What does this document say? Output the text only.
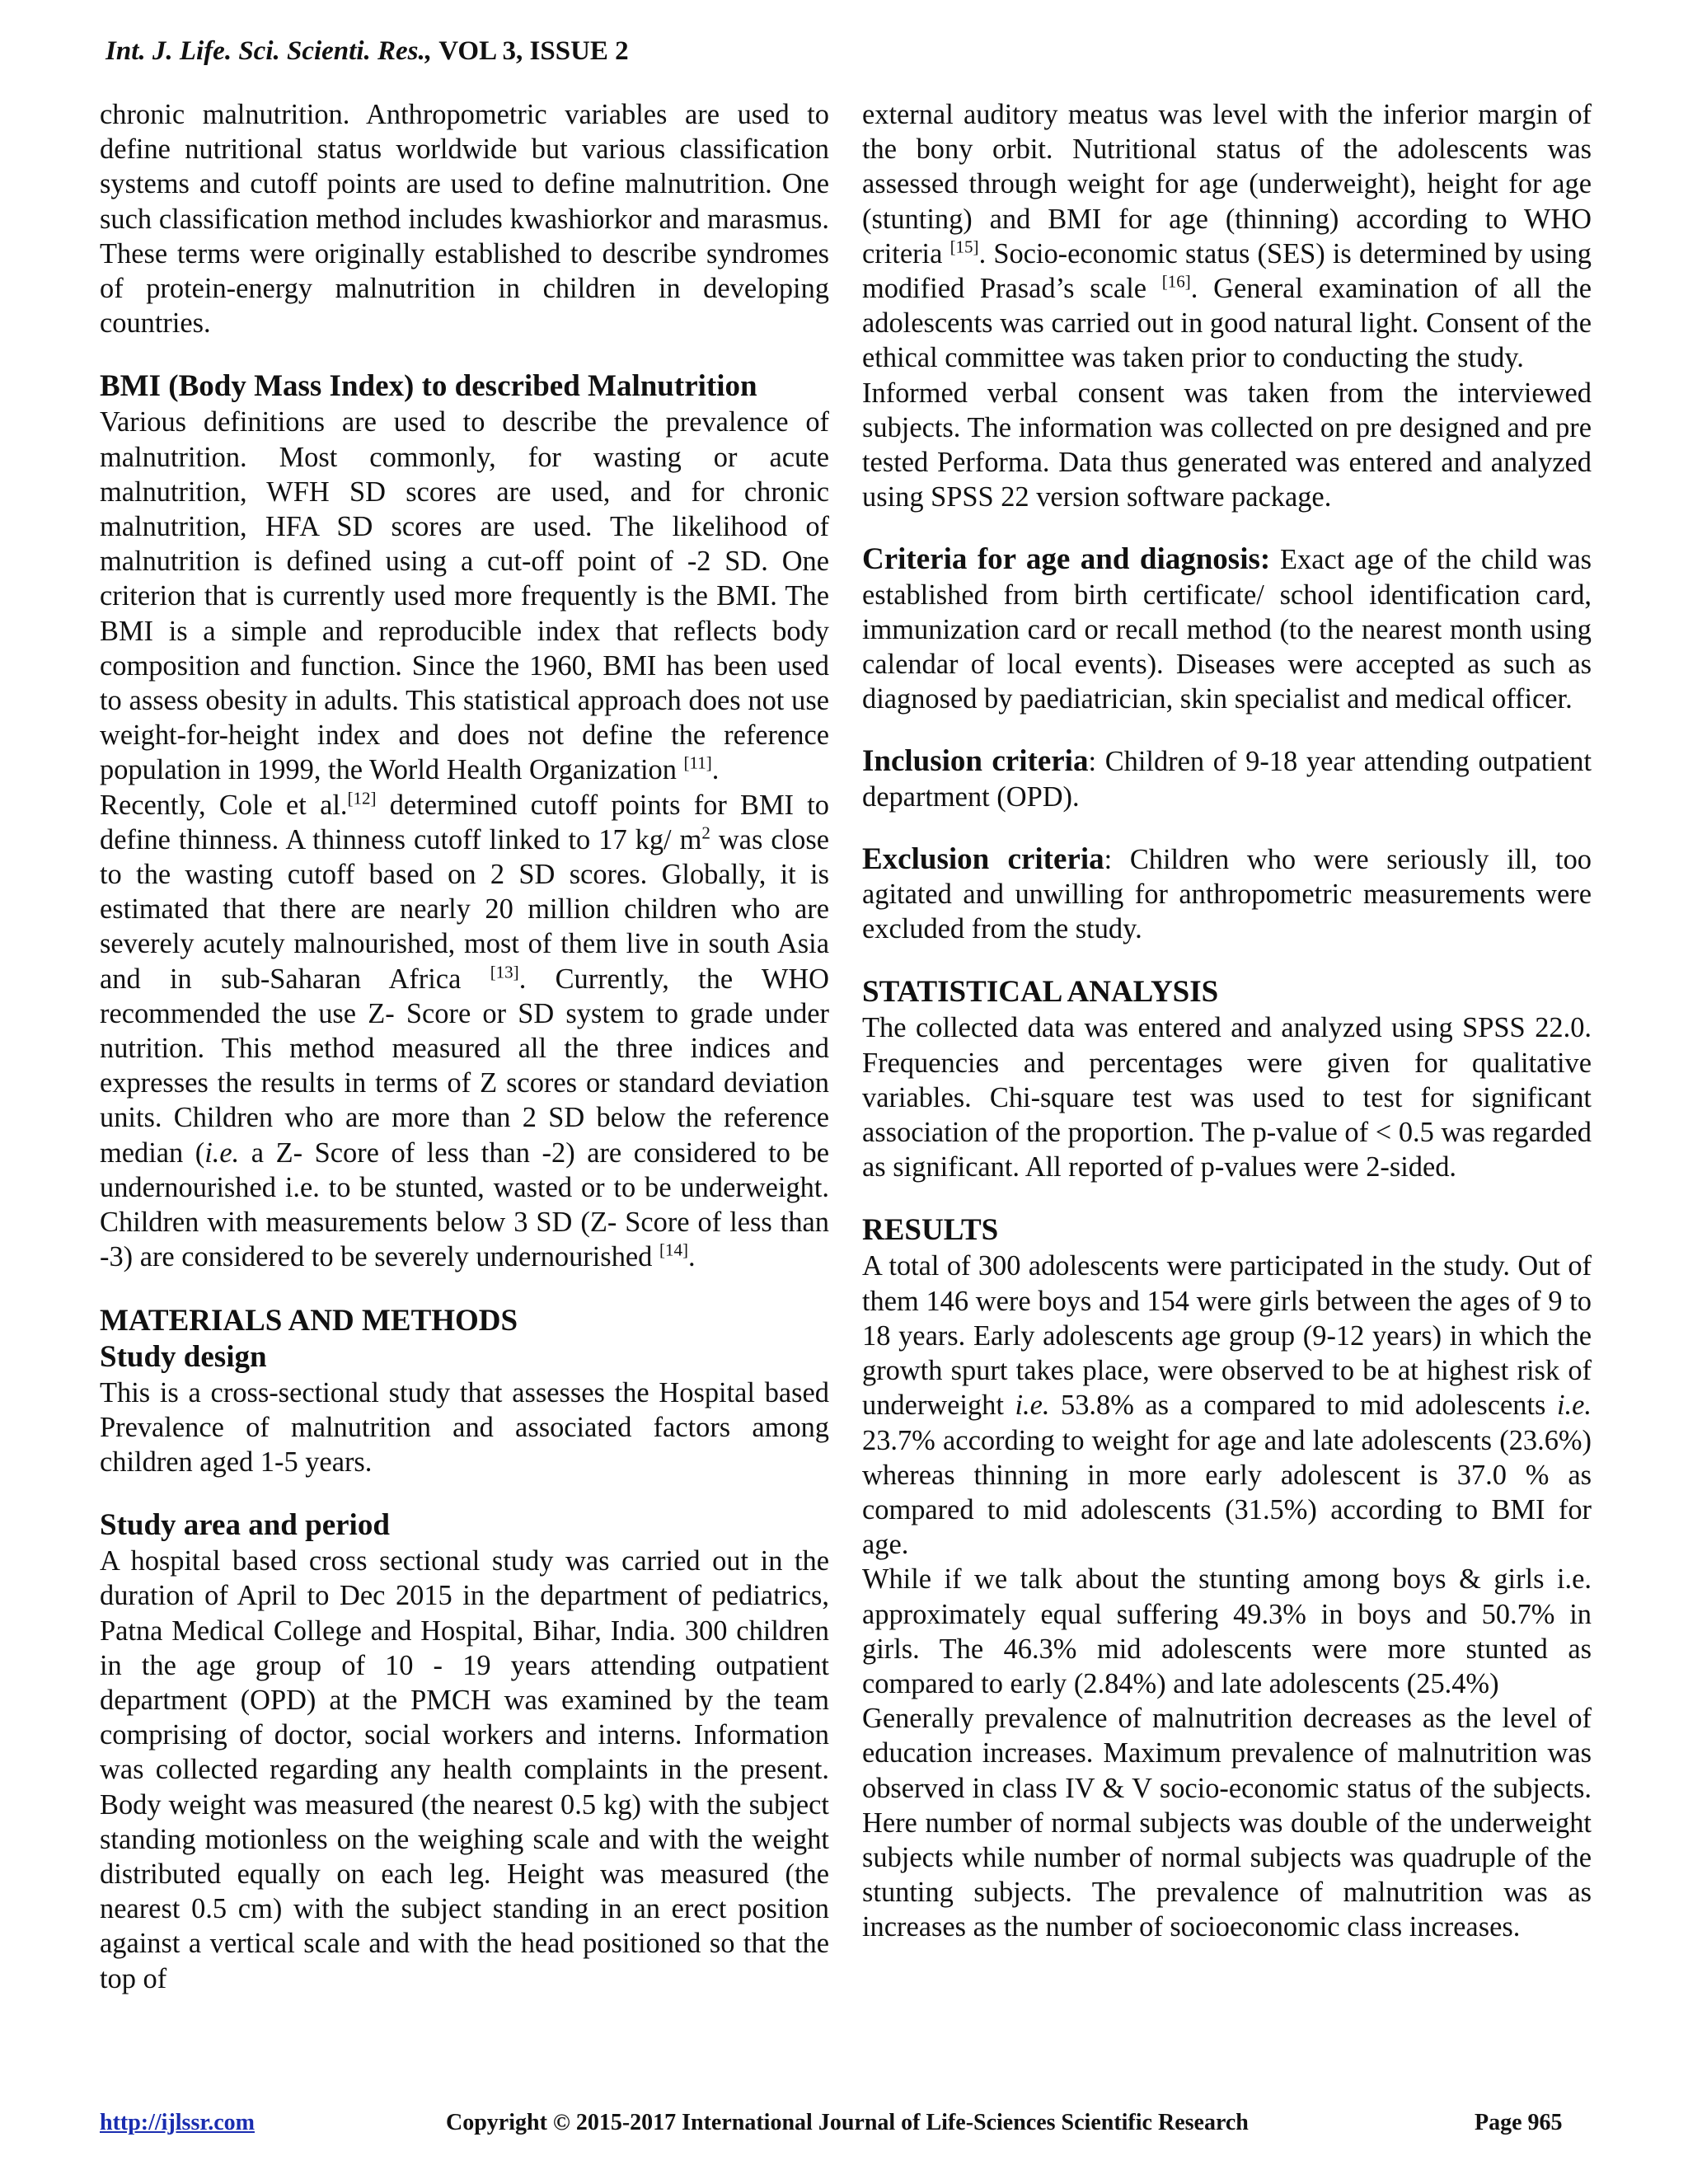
Int. J. Life. Sci. Scienti. Res., VOL 3, ISSUE 2

chronic malnutrition. Anthropometric variables are used to define nutritional status worldwide but various classification systems and cutoff points are used to define malnutrition. One such classification method includes kwashiorkor and marasmus. These terms were originally established to describe syndromes of protein-energy malnutrition in children in developing countries.

BMI (Body Mass Index) to described Malnutrition

Various definitions are used to describe the prevalence of malnutrition. Most commonly, for wasting or acute malnutrition, WFH SD scores are used, and for chronic malnutrition, HFA SD scores are used. The likelihood of malnutrition is defined using a cut-off point of -2 SD. One criterion that is currently used more frequently is the BMI. The BMI is a simple and reproducible index that reflects body composition and function. Since the 1960, BMI has been used to assess obesity in adults. This statistical approach does not use weight-for-height index and does not define the reference population in 1999, the World Health Organization [11].

Recently, Cole et al.[12] determined cutoff points for BMI to define thinness. A thinness cutoff linked to 17 kg/ $m^2$ was close to the wasting cutoff based on 2 SD scores. Globally, it is estimated that there are nearly 20 million children who are severely acutely malnourished, most of them live in south Asia and in sub-Saharan Africa [13]. Currently, the WHO recommended the use Z- Score or SD system to grade under nutrition. This method measured all the three indices and expresses the results in terms of Z scores or standard deviation units. Children who are more than 2 SD below the reference median (i.e. a Z- Score of less than -2) are considered to be undernourished i.e. to be stunted, wasted or to be underweight. Children with measurements below 3 SD (Z- Score of less than -3) are considered to be severely undernourished [14].

MATERIALS AND METHODS
Study design

This is a cross-sectional study that assesses the Hospital based Prevalence of malnutrition and associated factors among children aged 1-5 years.

Study area and period

A hospital based cross sectional study was carried out in the duration of April to Dec 2015 in the department of pediatrics, Patna Medical College and Hospital, Bihar, India. 300 children in the age group of 10 - 19 years attending outpatient department (OPD) at the PMCH was examined by the team comprising of doctor, social workers and interns. Information was collected regarding any health complaints in the present. Body weight was measured (the nearest 0.5 kg) with the subject standing motionless on the weighing scale and with the weight distributed equally on each leg. Height was measured (the nearest 0.5 cm) with the subject standing in an erect position against a vertical scale and with the head positioned so that the top of

external auditory meatus was level with the inferior margin of the bony orbit. Nutritional status of the adolescents was assessed through weight for age (underweight), height for age (stunting) and BMI for age (thinning) according to WHO criteria [15]. Socio-economic status (SES) is determined by using modified Prasad’s scale [16]. General examination of all the adolescents was carried out in good natural light. Consent of the ethical committee was taken prior to conducting the study.

Informed verbal consent was taken from the interviewed subjects. The information was collected on pre designed and pre tested Performa. Data thus generated was entered and analyzed using SPSS 22 version software package.

Criteria for age and diagnosis: Exact age of the child was established from birth certificate/ school identification card, immunization card or recall method (to the nearest month using calendar of local events). Diseases were accepted as such as diagnosed by paediatrician, skin specialist and medical officer.

Inclusion criteria: Children of 9-18 year attending outpatient department (OPD).

Exclusion criteria: Children who were seriously ill, too agitated and unwilling for anthropometric measurements were excluded from the study.

STATISTICAL ANALYSIS

The collected data was entered and analyzed using SPSS 22.0. Frequencies and percentages were given for qualitative variables. Chi-square test was used to test for significant association of the proportion. The p-value of < 0.5 was regarded as significant. All reported of p-values were 2-sided.

RESULTS

A total of 300 adolescents were participated in the study. Out of them 146 were boys and 154 were girls between the ages of 9 to 18 years. Early adolescents age group (9-12 years) in which the growth spurt takes place, were observed to be at highest risk of underweight i.e. 53.8% as a compared to mid adolescents i.e. 23.7% according to weight for age and late adolescents (23.6%) whereas thinning in more early adolescent is 37.0 % as compared to mid adolescents (31.5%) according to BMI for age.

While if we talk about the stunting among boys & girls i.e. approximately equal suffering 49.3% in boys and 50.7% in girls. The 46.3% mid adolescents were more stunted as compared to early (2.84%) and late adolescents (25.4%)

Generally prevalence of malnutrition decreases as the level of education increases. Maximum prevalence of malnutrition was observed in class IV & V socio-economic status of the subjects. Here number of normal subjects was double of the underweight subjects while number of normal subjects was quadruple of the stunting subjects. The prevalence of malnutrition was as increases as the number of socioeconomic class increases.

http://ijlssr.com	Copyright © 2015-2017 International Journal of Life-Sciences Scientific Research	Page 965
